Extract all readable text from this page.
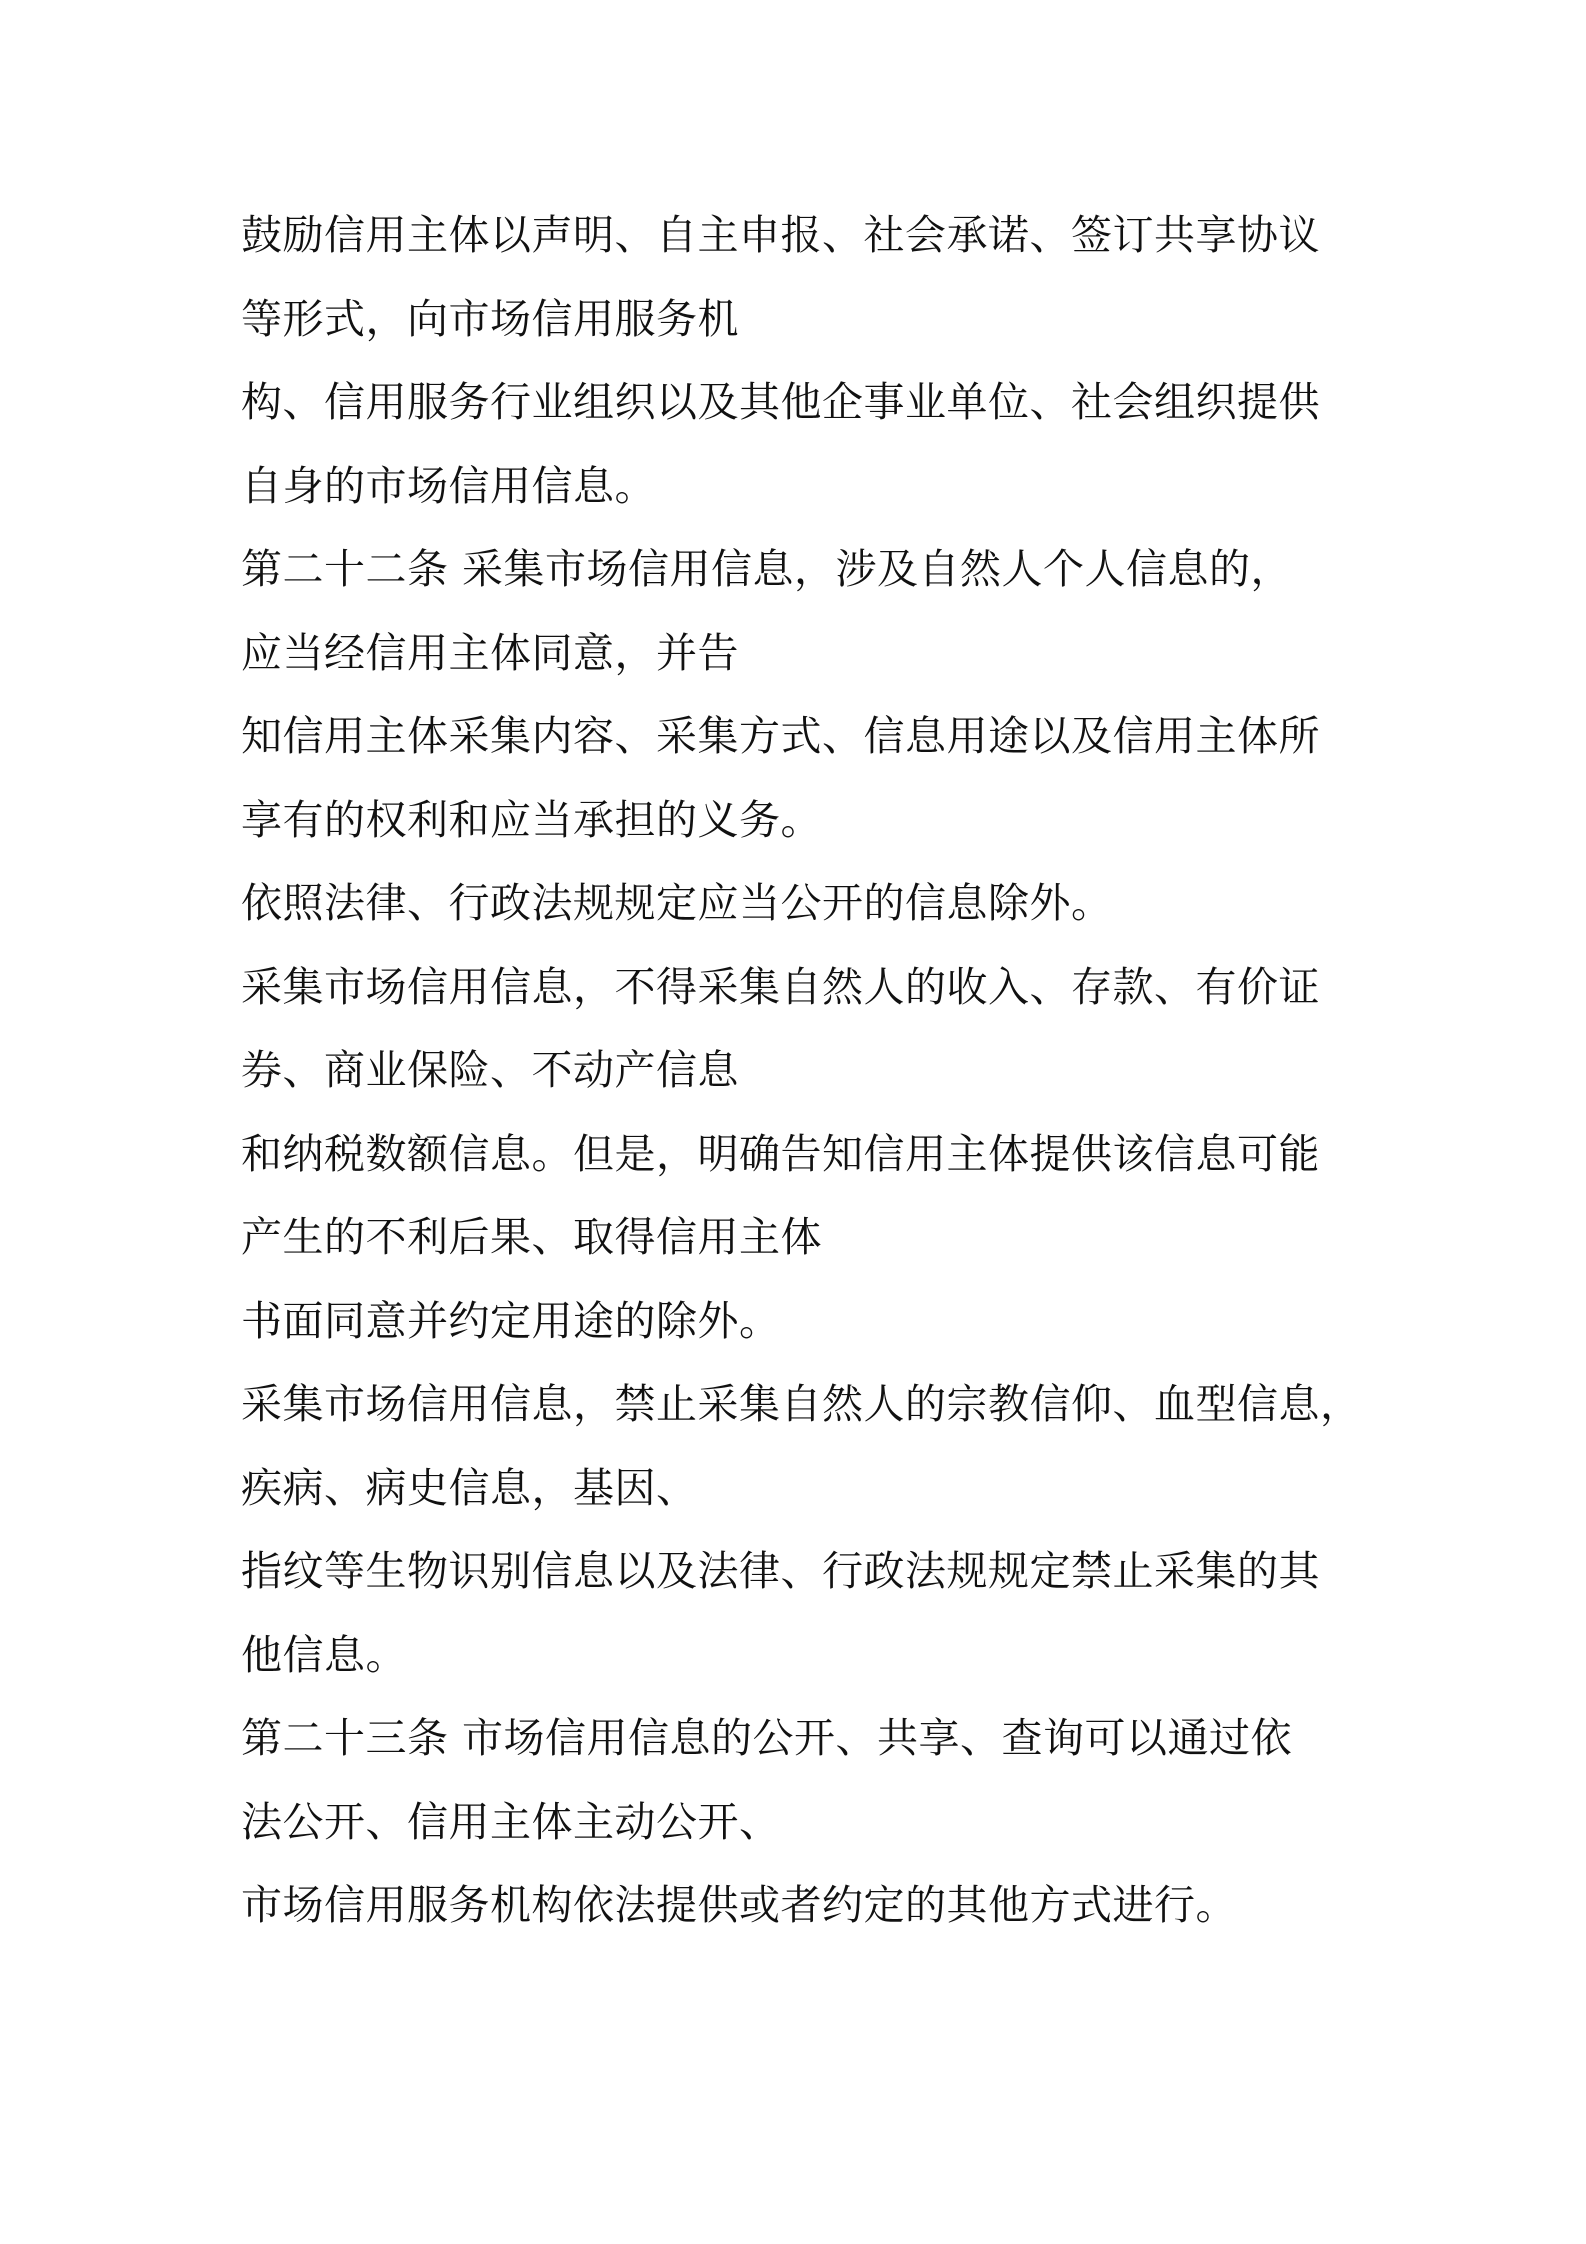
鼓励信用主体以声明、自主申报、社会承诺、签订共享协议
等形式，向市场信用服务机
构、信用服务行业组织以及其他企事业单位、社会组织提供
自身的市场信用信息。
第二十二条 采集市场信用信息，涉及自然人个人信息的，
应当经信用主体同意，并告
知信用主体采集内容、采集方式、信息用途以及信用主体所
享有的权利和应当承担的义务。
依照法律、行政法规规定应当公开的信息除外。
采集市场信用信息，不得采集自然人的收入、存款、有价证
券、商业保险、不动产信息
和纳税数额信息。但是，明确告知信用主体提供该信息可能
产生的不利后果、取得信用主体
书面同意并约定用途的除外。
采集市场信用信息，禁止采集自然人的宗教信仰、血型信息，
疾病、病史信息，基因、
指纹等生物识别信息以及法律、行政法规规定禁止采集的其
他信息。
第二十三条 市场信用信息的公开、共享、查询可以通过依
法公开、信用主体主动公开、
市场信用服务机构依法提供或者约定的其他方式进行。
